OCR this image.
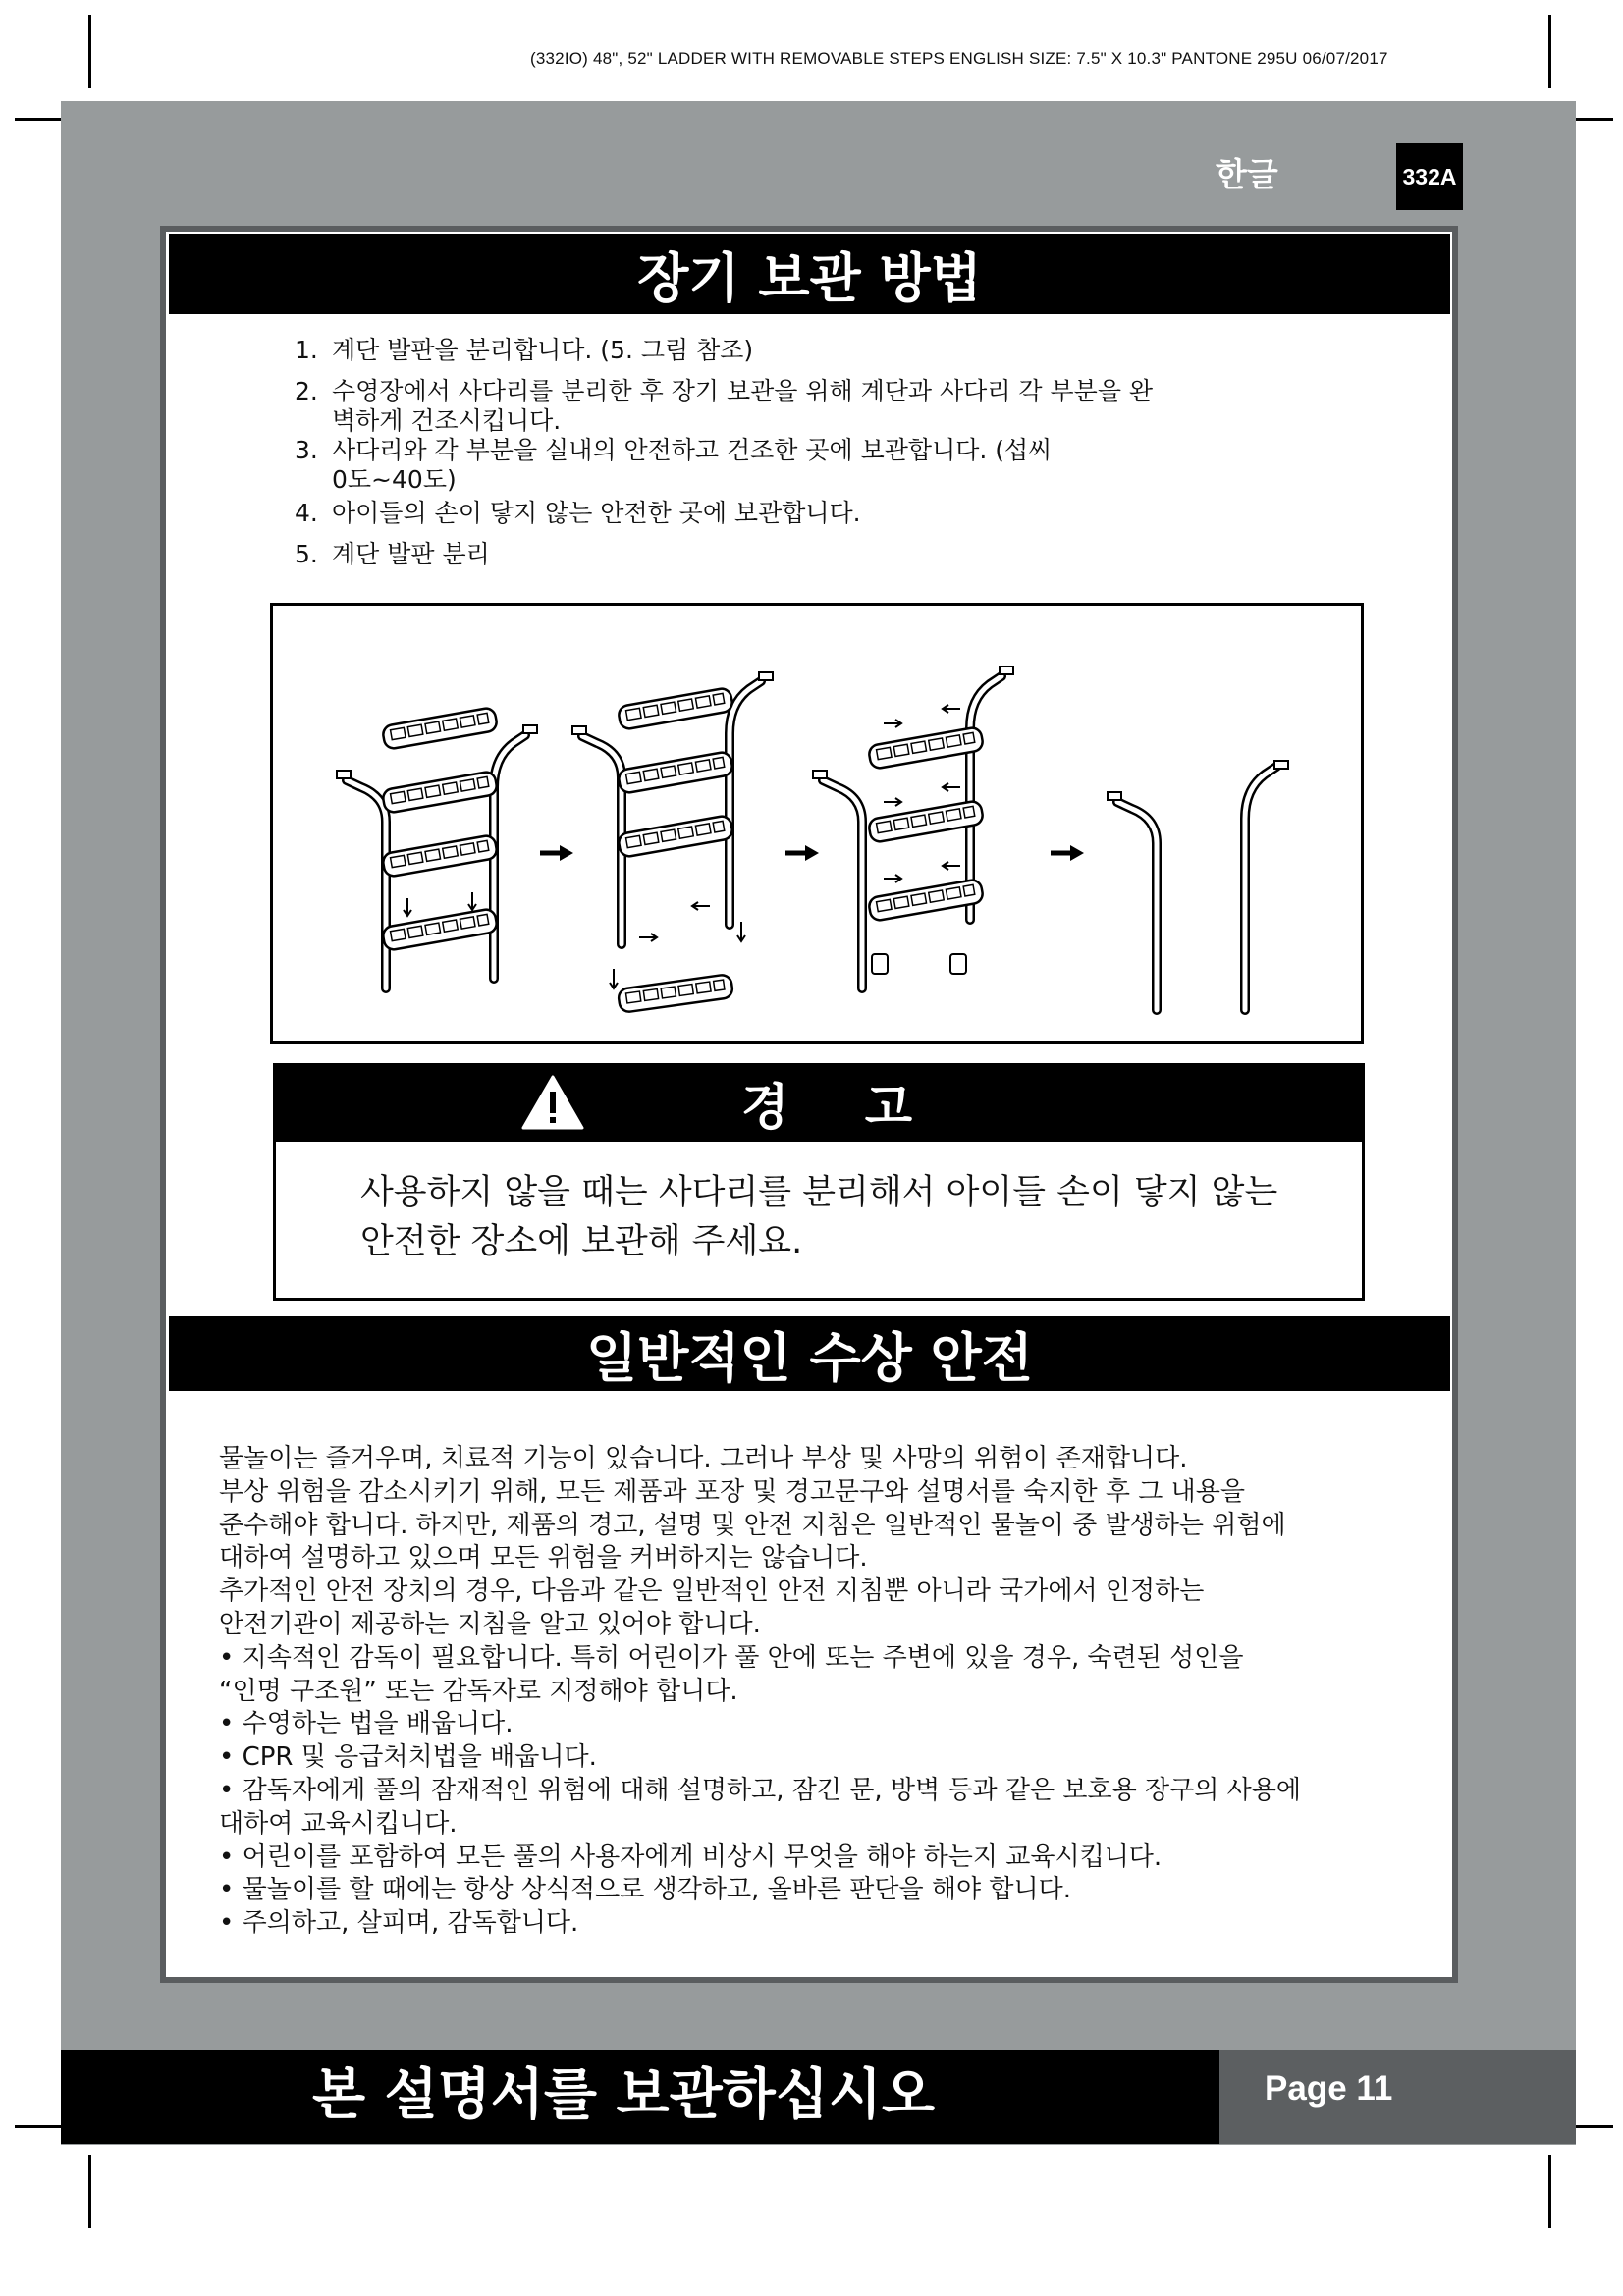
(332IO) 48", 52" LADDER WITH REMOVABLE STEPS ENGLISH SIZE: 7.5" X 10.3" PANTONE 295U 06/07/2017
한글	332A
장기 보관 방법
1. 계단 발판을 분리합니다. (5. 그림 참조)
2. 수영장에서 사다리를 분리한 후 장기 보관을 위해 계단과 사다리 각 부분을 완벽하게 건조시킵니다.
3. 사다리와 각 부분을 실내의 안전하고 건조한 곳에 보관합니다. (섭씨 0도~40도)
4. 아이들의 손이 닿지 않는 안전한 곳에 보관합니다.
5. 계단 발판 분리
경 고
사용하지 않을 때는 사다리를 분리해서 아이들 손이 닿지 않는 안전한 장소에 보관해 주세요.
일반적인 수상 안전

물놀이는 즐거우며, 치료적 기능이 있습니다. 그러나 부상 및 사망의 위험이 존재합니다.

부상 위험을 감소시키기 위해, 모든 제품과 포장 및 경고문구와 설명서를 숙지한 후 그 내용을

준수해야 합니다. 하지만, 제품의 경고, 설명 및 안전 지침은 일반적인 물놀이 중 발생하는 위험에

대하여 설명하고 있으며 모든 위험을 커버하지는 않습니다.

추가적인 안전 장치의 경우, 다음과 같은 일반적인 안전 지침뿐 아니라 국가에서 인정하는

안전기관이 제공하는 지침을 알고 있어야 합니다.

• 지속적인 감독이 필요합니다. 특히 어린이가 풀 안에 또는 주변에 있을 경우, 숙련된 성인을

“인명 구조원” 또는 감독자로 지정해야 합니다.

• 수영하는 법을 배웁니다.

• CPR 및 응급처치법을 배웁니다.

• 감독자에게 풀의 잠재적인 위험에 대해 설명하고, 잠긴 문, 방벽 등과 같은 보호용 장구의 사용에

대하여 교육시킵니다.

• 어린이를 포함하여 모든 풀의 사용자에게 비상시 무엇을 해야 하는지 교육시킵니다.

• 물놀이를 할 때에는 항상 상식적으로 생각하고, 올바른 판단을 해야 합니다.

• 주의하고, 살피며, 감독합니다.

본 설명서를 보관하십시오	Page 11
